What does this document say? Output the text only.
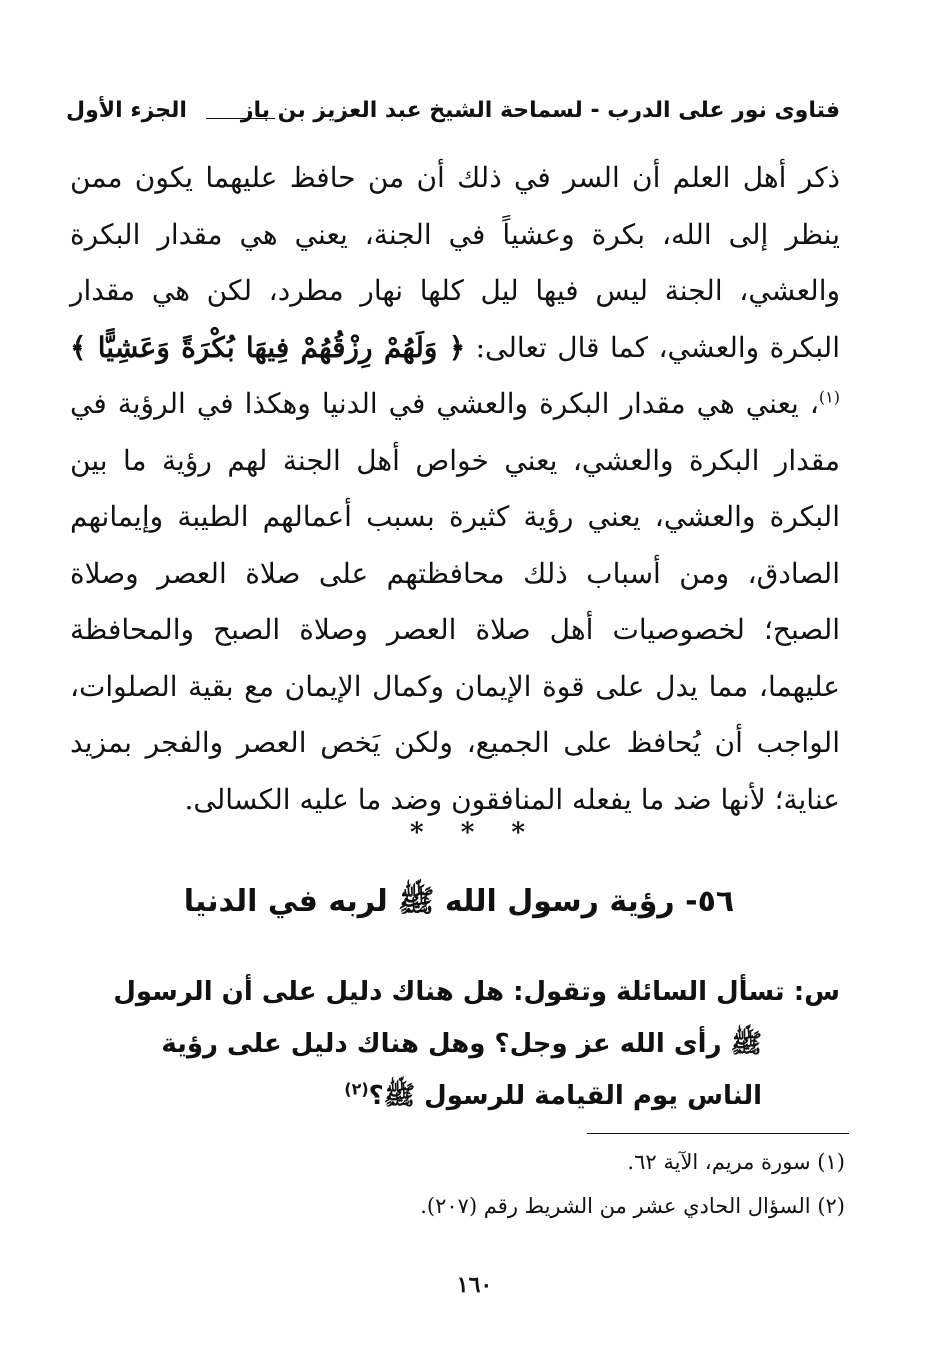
فتاوى نور على الدرب - لسماحة الشيخ عبد العزيز بن باز
الجزء الأول

ذكر أهل العلم أن السر في ذلك أن من حافظ عليهما يكون ممن ينظر إلى الله، بكرة وعشياً في الجنة، يعني هي مقدار البكرة والعشي، الجنة ليس فيها ليل كلها نهار مطرد، لكن هي مقدار البكرة والعشي، كما قال تعالى: ﴿ وَلَهُمْ رِزْقُهُمْ فِيهَا بُكْرَةً وَعَشِيًّا ﴾$^{(١)}$، يعني هي مقدار البكرة والعشي في الدنيا وهكذا في الرؤية في مقدار البكرة والعشي، يعني خواص أهل الجنة لهم رؤية ما بين البكرة والعشي، يعني رؤية كثيرة بسبب أعمالهم الطيبة وإيمانهم الصادق، ومن أسباب ذلك محافظتهم على صلاة العصر وصلاة الصبح؛ لخصوصيات أهل صلاة العصر وصلاة الصبح والمحافظة عليهما، مما يدل على قوة الإيمان وكمال الإيمان مع بقية الصلوات، الواجب أن يُحافظ على الجميع، ولكن يَخص العصر والفجر بمزيد عناية؛ لأنها ضد ما يفعله المنافقون وضد ما عليه الكسالى.

* * *
٥٦- رؤية رسول الله ﷺ لربه في الدنيا

س: تسأل السائلة وتقول: هل هناك دليل على أن الرسول ﷺ رأى الله عز وجل؟ وهل هناك دليل على رؤية الناس يوم القيامة للرسول ﷺ؟$^{(٢)}$

(١) سورة مريم، الآية ٦٢.
(٢) السؤال الحادي عشر من الشريط رقم (٢٠٧).
١٦٠
